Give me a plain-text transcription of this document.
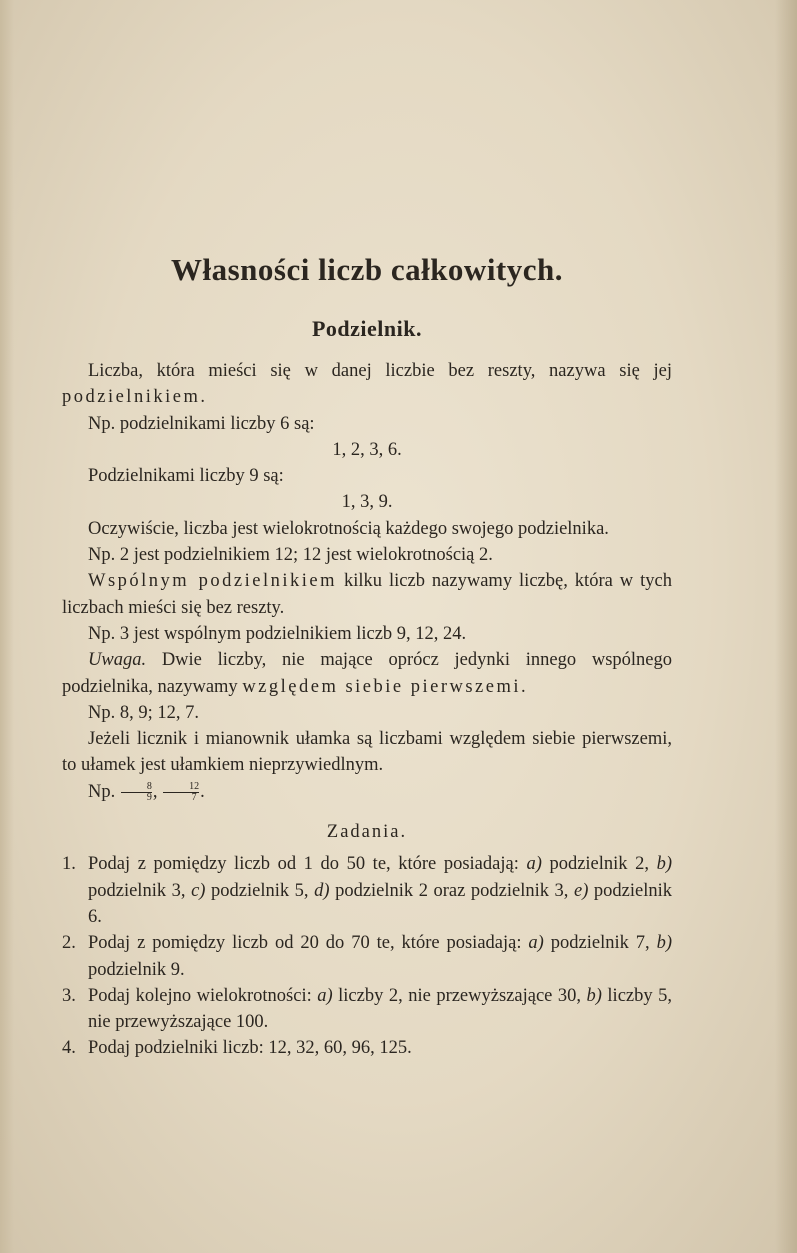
Własności liczb całkowitych.
Podzielnik.

Liczba, która mieści się w danej liczbie bez reszty, nazywa się jej podzielnikiem.

Np. podzielnikami liczby 6 są:

1, 2, 3, 6.

Podzielnikami liczby 9 są:

1, 3, 9.

Oczywiście, liczba jest wielokrotnością każdego swojego podzielnika.

Np. 2 jest podzielnikiem 12; 12 jest wielokrotnością 2.

Wspólnym podzielnikiem kilku liczb nazywamy liczbę, która w tych liczbach mieści się bez reszty.

Np. 3 jest wspólnym podzielnikiem liczb 9, 12, 24.

Uwaga. Dwie liczby, nie mające oprócz jedynki innego wspólnego podzielnika, nazywamy względem siebie pierwszemi.

Np. 8, 9; 12, 7.

Jeżeli licznik i mianownik ułamka są liczbami względem siebie pierwszemi, to ułamek jest ułamkiem nieprzywiedlnym.

Np. $\frac{8}{9}$ , $\frac{12}{7}$ .

Zadania.

1. Podaj z pomiędzy liczb od 1 do 50 te, które posiadają: a) podzielnik 2, b) podzielnik 3, c) podzielnik 5, d) podzielnik 2 oraz podzielnik 3, e) podzielnik 6.
2. Podaj z pomiędzy liczb od 20 do 70 te, które posiadają: a) podzielnik 7, b) podzielnik 9.
3. Podaj kolejno wielokrotności: a) liczby 2, nie przewyższające 30, b) liczby 5, nie przewyższające 100.
4. Podaj podzielniki liczb: 12, 32, 60, 96, 125.
